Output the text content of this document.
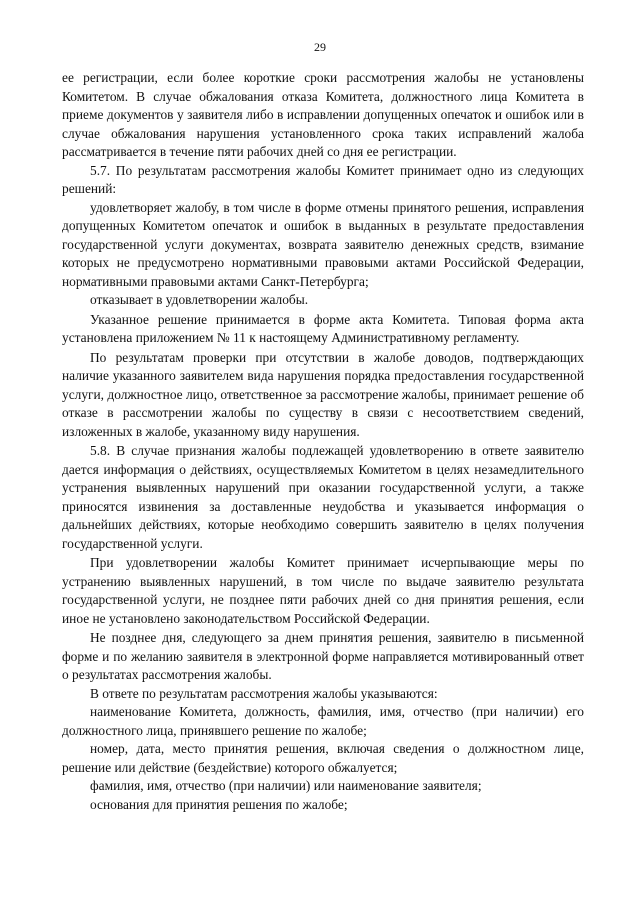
29

ее регистрации, если более короткие сроки рассмотрения жалобы не установлены Комитетом. В случае обжалования отказа Комитета, должностного лица Комитета в приеме документов у заявителя либо в исправлении допущенных опечаток и ошибок или в случае обжалования нарушения установленного срока таких исправлений жалоба рассматривается в течение пяти рабочих дней со дня ее регистрации.

5.7. По результатам рассмотрения жалобы Комитет принимает одно из следующих решений:

удовлетворяет жалобу, в том числе в форме отмены принятого решения, исправления допущенных Комитетом опечаток и ошибок в выданных в результате предоставления государственной услуги документах, возврата заявителю денежных средств, взимание которых не предусмотрено нормативными правовыми актами Российской Федерации, нормативными правовыми актами Санкт-Петербурга;

отказывает в удовлетворении жалобы.

Указанное решение принимается в форме акта Комитета. Типовая форма акта установлена приложением № 11 к настоящему Административному регламенту.

По результатам проверки при отсутствии в жалобе доводов, подтверждающих наличие указанного заявителем вида нарушения порядка предоставления государственной услуги, должностное лицо, ответственное за рассмотрение жалобы, принимает решение об отказе в рассмотрении жалобы по существу в связи с несоответствием сведений, изложенных в жалобе, указанному виду нарушения.

5.8. В случае признания жалобы подлежащей удовлетворению в ответе заявителю дается информация о действиях, осуществляемых Комитетом в целях незамедлительного устранения выявленных нарушений при оказании государственной услуги, а также приносятся извинения за доставленные неудобства и указывается информация о дальнейших действиях, которые необходимо совершить заявителю в целях получения государственной услуги.

При удовлетворении жалобы Комитет принимает исчерпывающие меры по устранению выявленных нарушений, в том числе по выдаче заявителю результата государственной услуги, не позднее пяти рабочих дней со дня принятия решения, если иное не установлено законодательством Российской Федерации.

Не позднее дня, следующего за днем принятия решения, заявителю в письменной форме и по желанию заявителя в электронной форме направляется мотивированный ответ о результатах рассмотрения жалобы.

В ответе по результатам рассмотрения жалобы указываются:

наименование Комитета, должность, фамилия, имя, отчество (при наличии) его должностного лица, принявшего решение по жалобе;

номер, дата, место принятия решения, включая сведения о должностном лице, решение или действие (бездействие) которого обжалуется;

фамилия, имя, отчество (при наличии) или наименование заявителя;

основания для принятия решения по жалобе;
